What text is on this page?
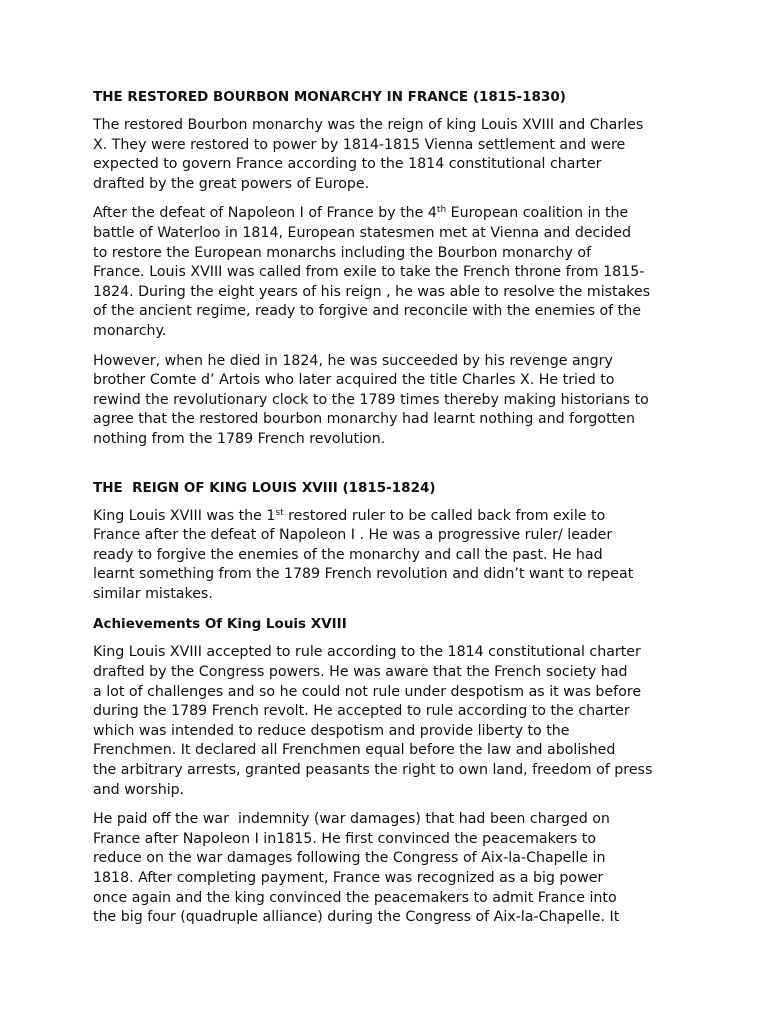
THE RESTORED BOURBON MONARCHY IN FRANCE (1815-1830)

The restored Bourbon monarchy was the reign of king Louis XVIII and Charles
X. They were restored to power by 1814-1815 Vienna settlement and were
expected to govern France according to the 1814 constitutional charter
drafted by the great powers of Europe.

After the defeat of Napoleon I of France by the 4th European coalition in the
battle of Waterloo in 1814, European statesmen met at Vienna and decided
to restore the European monarchs including the Bourbon monarchy of
France. Louis XVIII was called from exile to take the French throne from 1815-
1824. During the eight years of his reign , he was able to resolve the mistakes
of the ancient regime, ready to forgive and reconcile with the enemies of the
monarchy.

However, when he died in 1824, he was succeeded by his revenge angry
brother Comte d’ Artois who later acquired the title Charles X. He tried to
rewind the revolutionary clock to the 1789 times thereby making historians to
agree that the restored bourbon monarchy had learnt nothing and forgotten
nothing from the 1789 French revolution.

THE  REIGN OF KING LOUIS XVIII (1815-1824)

King Louis XVIII was the 1st restored ruler to be called back from exile to
France after the defeat of Napoleon I . He was a progressive ruler/ leader
ready to forgive the enemies of the monarchy and call the past. He had
learnt something from the 1789 French revolution and didn’t want to repeat
similar mistakes.

Achievements Of King Louis XVIII

King Louis XVIII accepted to rule according to the 1814 constitutional charter
drafted by the Congress powers. He was aware that the French society had
a lot of challenges and so he could not rule under despotism as it was before
during the 1789 French revolt. He accepted to rule according to the charter
which was intended to reduce despotism and provide liberty to the
Frenchmen. It declared all Frenchmen equal before the law and abolished
the arbitrary arrests, granted peasants the right to own land, freedom of press
and worship.

He paid off the war  indemnity (war damages) that had been charged on
France after Napoleon I in1815. He first convinced the peacemakers to
reduce on the war damages following the Congress of Aix-la-Chapelle in
1818. After completing payment, France was recognized as a big power
once again and the king convinced the peacemakers to admit France into
the big four (quadruple alliance) during the Congress of Aix-la-Chapelle. It
